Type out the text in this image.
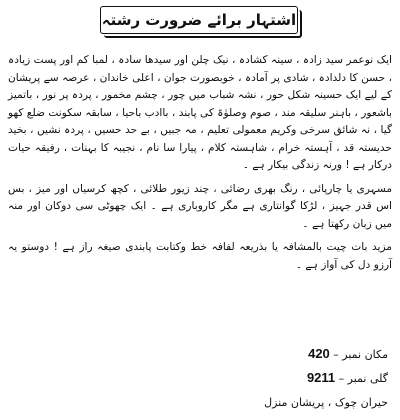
اشتہار برائے ضرورت رشتہ

ایک نوعمر سید زادہ ، سینہ کشادہ ، نیک چلن اور سیدھا سادہ ، لمبا کم اور پست زیادہ ، حسن کا دلدادہ ، شادی پر آمادہ ، خوبصورت جوان ، اعلی خاندان ، عرصہ سے پریشان کے لیے ایک حسینہ شکل حور ، نشہ شباب میں چور ، چشم مخمور ، پردہ پر نور ، باتمیز باشعور ، باہنر سلیقہ مند ، صوم وصلوٰۃ کی پابند ، باادب باحیا ، سابقہ سکونت ضلع کھو گیا ، نہ شائق سرخی وکریم معمولی تعلیم ، مہ جبیں ، بے حد حسیں ، پردہ نشیں ، بخید حدیستہ قد ، آہستہ خرام ، شاہستہ کلام ، پیارا سا نام ، نجیبہ کا بہنات ، رفیقہ حیات درکار ہے ! ورنہ زندگی بیکار ہے ۔

مسہری یا چارپائی ، رنگ بھری رضائی ، چند زیور طلائی ، کچھ کرسیاں اور میز ، بس اس قدر جہیز ، لڑکا گوانتاری ہے مگر کاروباری ہے ۔ ایک چھوٹی سی دوکان اور منہ میں زبان رکھتا ہے ۔

مزید بات چیت بالمشافہ یا بذریعہ لفافہ خط وکتابت پابندی صیغہ راز ہے ! دوستو یہ آرزو دل کی آواز ہے ۔

مکان نمبر – 420
گلی نمبر – 9211
حیران چوک ، پریشان منزل
